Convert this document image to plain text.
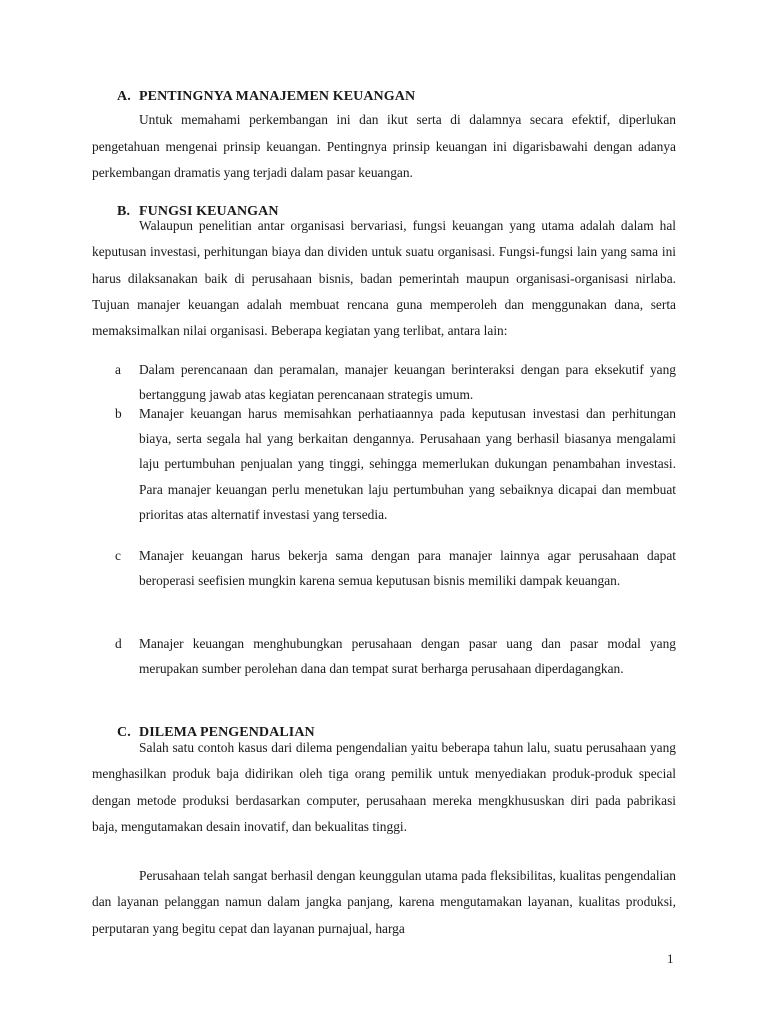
A. PENTINGNYA MANAJEMEN KEUANGAN

Untuk memahami perkembangan ini dan ikut serta di dalamnya secara efektif, diperlukan pengetahuan mengenai prinsip keuangan. Pentingnya prinsip keuangan ini digarisbawahi dengan adanya perkembangan dramatis yang terjadi dalam pasar keuangan.

B. FUNGSI KEUANGAN

Walaupun penelitian antar organisasi bervariasi, fungsi keuangan yang utama adalah dalam hal keputusan investasi, perhitungan biaya dan dividen untuk suatu organisasi. Fungsi-fungsi lain yang sama ini harus dilaksanakan baik di perusahaan bisnis, badan pemerintah maupun organisasi-organisasi nirlaba. Tujuan manajer keuangan adalah membuat rencana guna memperoleh dan menggunakan dana, serta memaksimalkan nilai organisasi. Beberapa kegiatan yang terlibat, antara lain:

a	Dalam perencanaan dan peramalan, manajer keuangan berinteraksi dengan para eksekutif yang bertanggung jawab atas kegiatan perencanaan strategis umum.
b	Manajer keuangan harus memisahkan perhatiaannya pada keputusan investasi dan perhitungan biaya, serta segala hal yang berkaitan dengannya. Perusahaan yang berhasil biasanya mengalami laju pertumbuhan penjualan yang tinggi, sehingga memerlukan dukungan penambahan investasi. Para manajer keuangan perlu menetukan laju pertumbuhan yang sebaiknya dicapai dan membuat prioritas atas alternatif investasi yang tersedia.
c	Manajer keuangan harus bekerja sama dengan para manajer lainnya agar perusahaan dapat beroperasi seefisien mungkin karena semua keputusan bisnis memiliki dampak keuangan.
d	Manajer keuangan menghubungkan perusahaan dengan pasar uang dan pasar modal yang merupakan sumber perolehan dana dan tempat surat berharga perusahaan diperdagangkan.
C. DILEMA PENGENDALIAN

Salah satu contoh kasus dari dilema pengendalian yaitu beberapa tahun lalu, suatu perusahaan yang menghasilkan produk baja didirikan oleh tiga orang pemilik untuk menyediakan produk-produk special dengan metode produksi berdasarkan computer, perusahaan mereka mengkhususkan diri pada pabrikasi baja, mengutamakan desain inovatif, dan bekualitas tinggi.

Perusahaan telah sangat berhasil dengan keunggulan utama pada fleksibilitas, kualitas pengendalian dan layanan pelanggan namun dalam jangka panjang, karena mengutamakan layanan, kualitas produksi, perputaran yang begitu cepat dan layanan purnajual, harga

1
